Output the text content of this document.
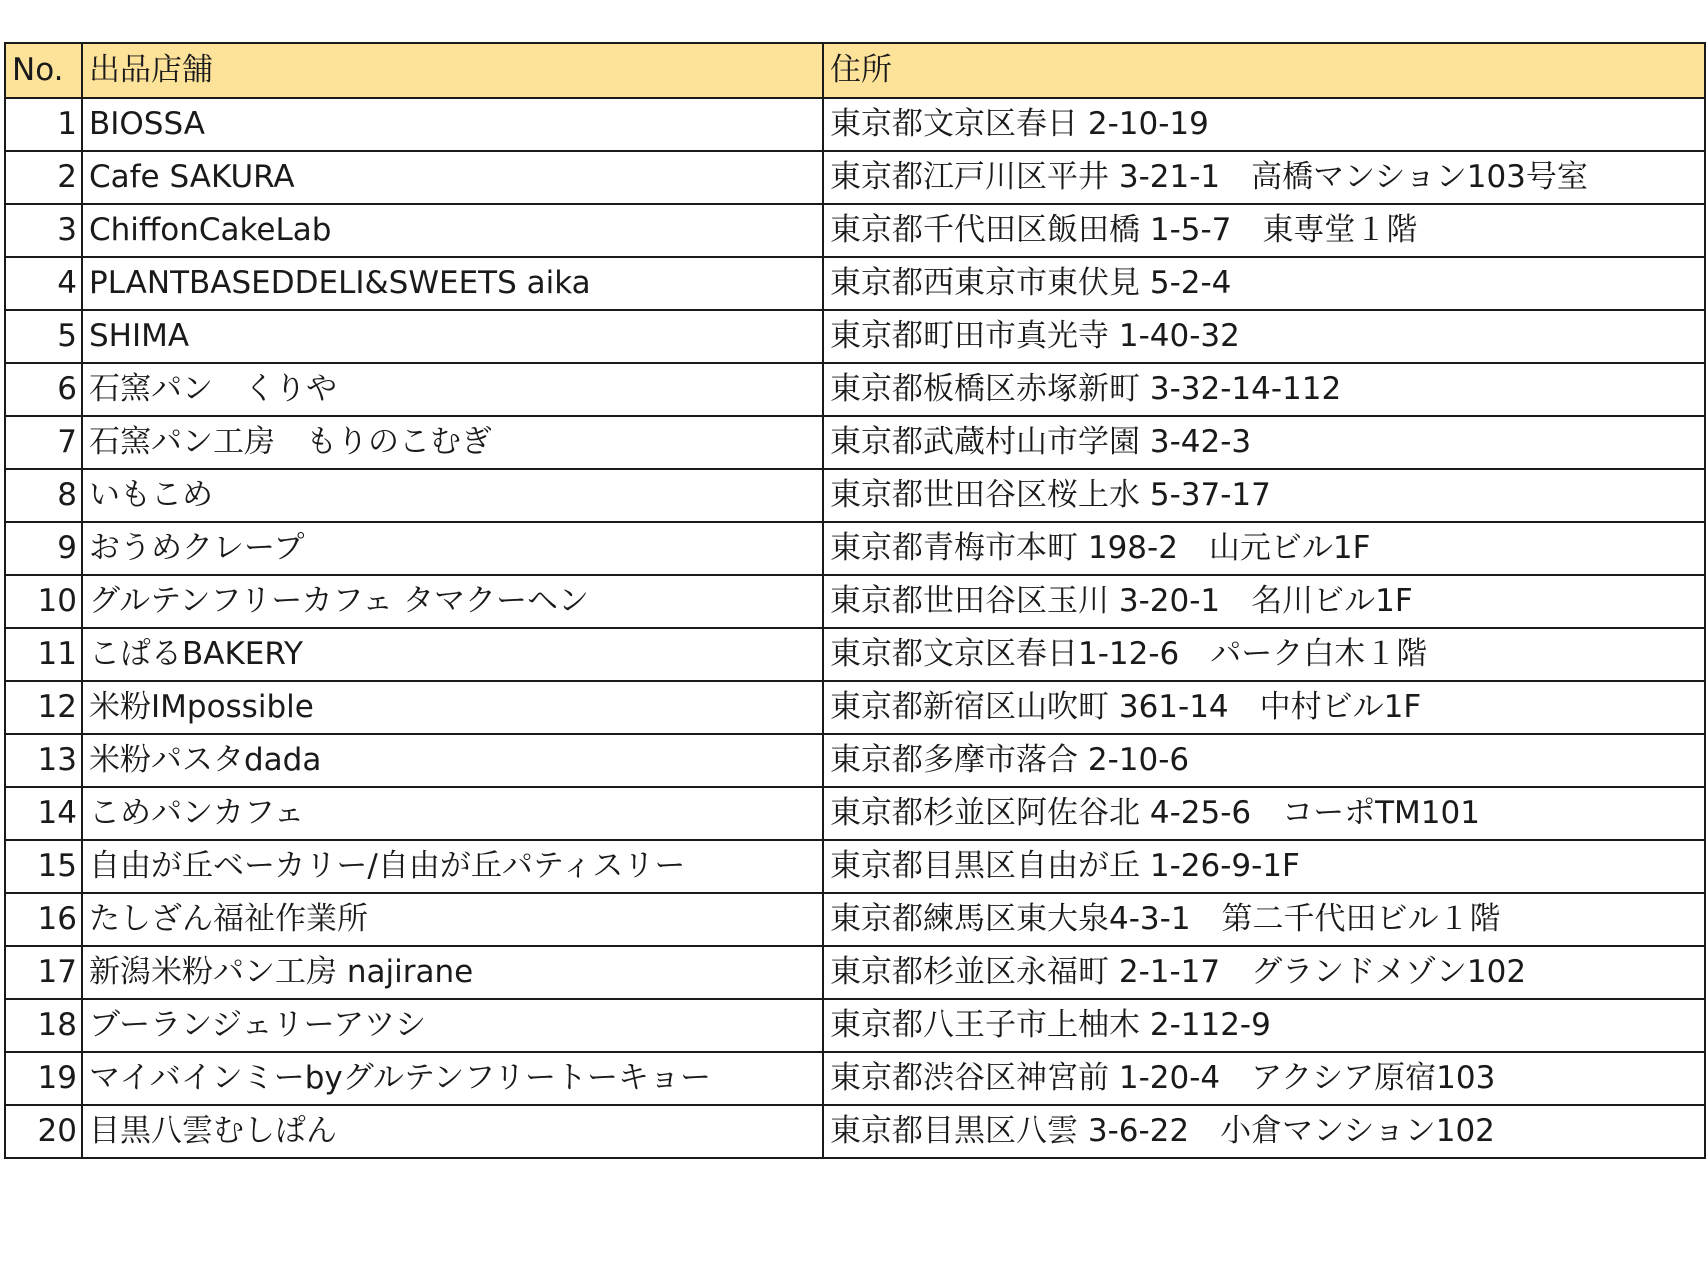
No.	出品店舗	住所
1	BIOSSA	東京都文京区春日 2-10-19
2	Cafe SAKURA	東京都江戸川区平井 3-21-1　高橋マンション103号室
3	ChiffonCakeLab	東京都千代田区飯田橋 1-5-7　東専堂１階
4	PLANTBASEDDELI&SWEETS aika	東京都西東京市東伏見 5-2-4
5	SHIMA	東京都町田市真光寺 1-40-32
6	石窯パン　くりや	東京都板橋区赤塚新町 3-32-14-112
7	石窯パン工房　もりのこむぎ	東京都武蔵村山市学園 3-42-3
8	いもこめ	東京都世田谷区桜上水 5-37-17
9	おうめクレープ	東京都青梅市本町 198-2　山元ビル1F
10	グルテンフリーカフェ タマクーヘン	東京都世田谷区玉川 3-20-1　名川ビル1F
11	こぱるBAKERY	東京都文京区春日1-12-6　パーク白木１階
12	米粉IMpossible	東京都新宿区山吹町 361-14　中村ビル1F
13	米粉パスタdada	東京都多摩市落合 2-10-6
14	こめパンカフェ	東京都杉並区阿佐谷北 4-25-6　コーポTM101
15	自由が丘ベーカリー/自由が丘パティスリー	東京都目黒区自由が丘 1-26-9-1F
16	たしざん福祉作業所	東京都練馬区東大泉4-3-1　第二千代田ビル１階
17	新潟米粉パン工房 najirane	東京都杉並区永福町 2-1-17　グランドメゾン102
18	ブーランジェリーアツシ	東京都八王子市上柚木 2-112-9
19	マイバインミーbyグルテンフリートーキョー	東京都渋谷区神宮前 1-20-4　アクシア原宿103
20	目黒八雲むしぱん	東京都目黒区八雲 3-6-22　小倉マンション102
